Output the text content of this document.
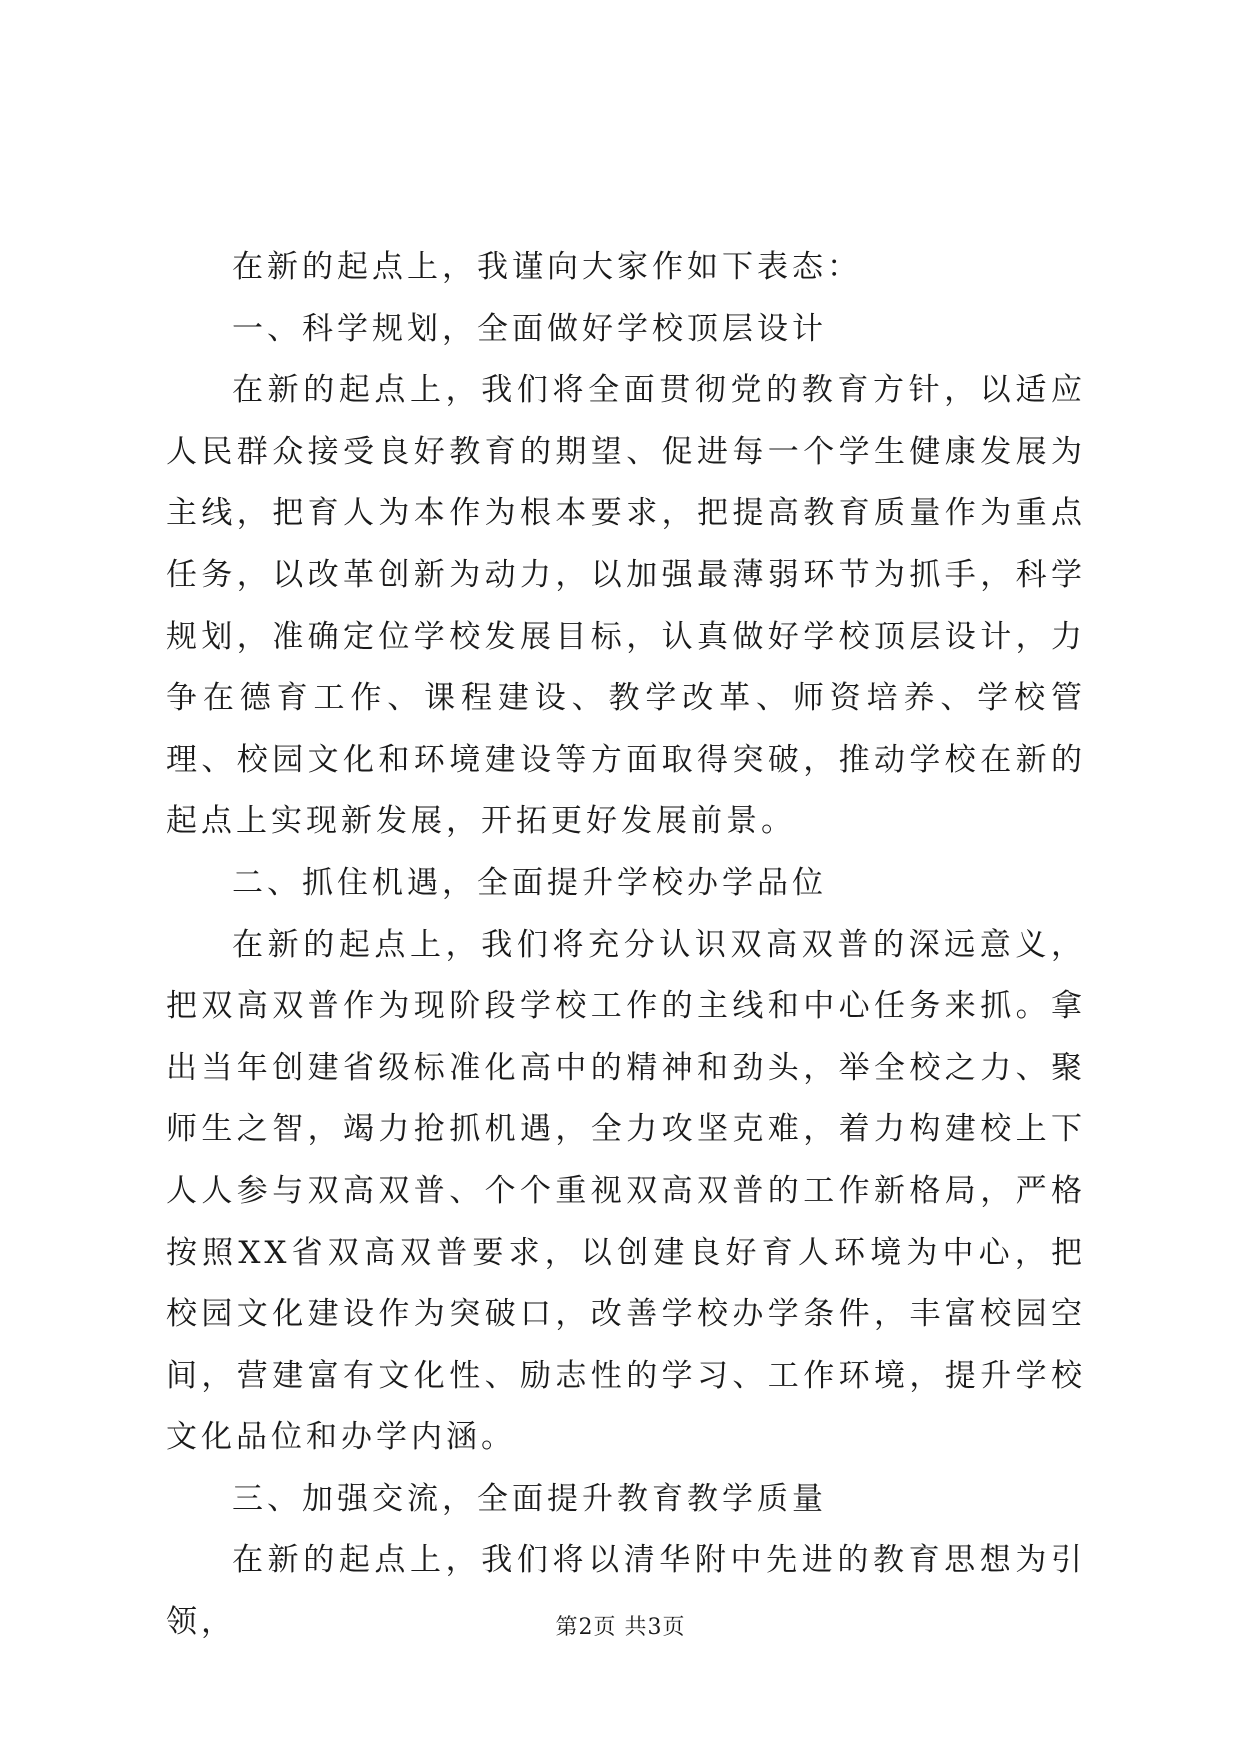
在新的起点上，我谨向大家作如下表态：

一、科学规划，全面做好学校顶层设计

在新的起点上，我们将全面贯彻党的教育方针，以适应人民群众接受良好教育的期望、促进每一个学生健康发展为主线，把育人为本作为根本要求，把提高教育质量作为重点任务，以改革创新为动力，以加强最薄弱环节为抓手，科学规划，准确定位学校发展目标，认真做好学校顶层设计，力争在德育工作、课程建设、教学改革、师资培养、学校管理、校园文化和环境建设等方面取得突破，推动学校在新的起点上实现新发展，开拓更好发展前景。

二、抓住机遇，全面提升学校办学品位

在新的起点上，我们将充分认识双高双普的深远意义，把双高双普作为现阶段学校工作的主线和中心任务来抓。拿出当年创建省级标准化高中的精神和劲头，举全校之力、聚师生之智，竭力抢抓机遇，全力攻坚克难，着力构建校上下人人参与双高双普、个个重视双高双普的工作新格局，严格按照XX省双高双普要求，以创建良好育人环境为中心，把校园文化建设作为突破口，改善学校办学条件，丰富校园空间，营建富有文化性、励志性的学习、工作环境，提升学校文化品位和办学内涵。

三、加强交流，全面提升教育教学质量

在新的起点上，我们将以清华附中先进的教育思想为引领，	第2页 共3页
